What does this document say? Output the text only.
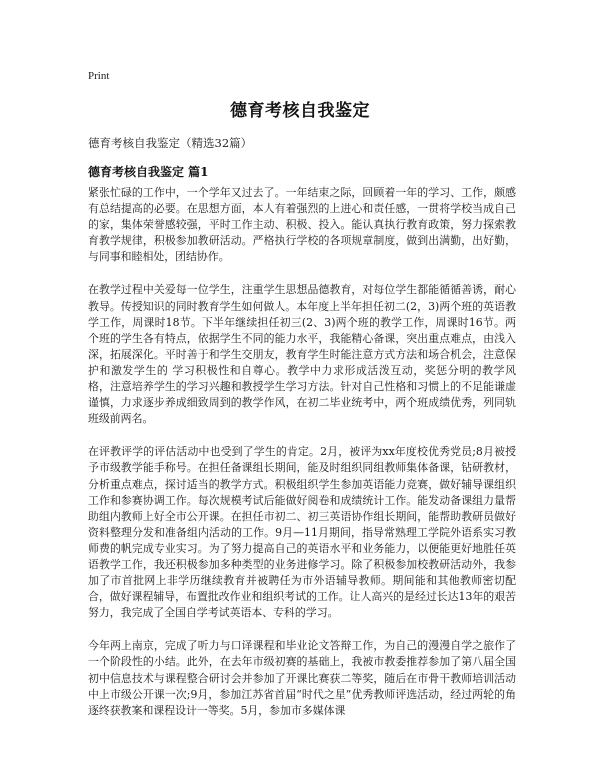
Print
德育考核自我鉴定

德育考核自我鉴定（精选32篇）

德育考核自我鉴定 篇1

紧张忙碌的工作中，一个学年又过去了。一年结束之际，回顾着一年的学习、工作，颇感有总结提高的必要。在思想方面，本人有着强烈的上进心和责任感，一贯将学校当成自己的家，集体荣誉感较强，平时工作主动、积极、投入。能认真执行教育政策，努力探索教育教学规律，积极参加教研活动。严格执行学校的各项规章制度，做到出满勤，出好勤，与同事和睦相处，团结协作。

在教学过程中关爱每一位学生，注重学生思想品德教育，对每位学生都能循循善诱，耐心教导。传授知识的同时教育学生如何做人。本年度上半年担任初二(2，3)两个班的英语教学工作，周课时18节。下半年继续担任初三(2、3)两个班的教学工作，周课时16节。两个班的学生各有特点，依据学生不同的能力水平，我能精心备课，突出重点难点，由浅入深，拓展深化。平时善于和学生交朋友，教育学生时能注意方式方法和场合机会，注意保护和激发学生的 学习积极性和自尊心。教学中力求形成活泼互动，奖惩分明的教学风格，注意培养学生的学习兴趣和教授学生学习方法。针对自己性格和习惯上的不足能谦虚谨慎，力求逐步养成细致周到的教学作风，在初二毕业统考中，两个班成绩优秀，列同轨班级前两名。

在评教评学的评估活动中也受到了学生的肯定。2月，被评为xx年度校优秀党员;8月被授予市级教学能手称号。在担任备课组长期间，能及时组织同组教师集体备课，钻研教材，分析重点难点，探讨适当的教学方式。积极组织学生参加英语能力竞赛，做好辅导课组织工作和参赛协调工作。每次规模考试后能做好阅卷和成绩统计工作。能发动备课组力量帮助组内教师上好全市公开课。在担任市初二、初三英语协作组长期间，能帮助教研员做好资料整理分发和准备组内活动的工作。9月—11月期间，指导常熟理工学院外语系实习教师费的帆完成专业实习。为了努力提高自己的英语水平和业务能力，以便能更好地胜任英语教学工作，我还积极参加多种类型的业务进修学习。除了积极参加校教研活动外，我参加了市首批网上非学历继续教育并被聘任为市外语辅导教师。期间能和其他教师密切配合，做好课程辅导，布置批改作业和组织考试的工作。让人高兴的是经过长达13年的艰苦努力，我完成了全国自学考试英语本、专科的学习。

今年两上南京，完成了听力与口译课程和毕业论文答辩工作，为自己的漫漫自学之旅作了一个阶段性的小结。此外，在去年市级初赛的基础上，我被市教委推荐参加了第八届全国初中信息技术与课程整合研讨会并参加了开课比赛获二等奖，随后在市骨干教师培训活动中上市级公开课一次;9月，参加江苏省首届“时代之星”优秀教师评选活动，经过两轮的角逐终获教案和课程设计一等奖。5月，参加市多媒体课
